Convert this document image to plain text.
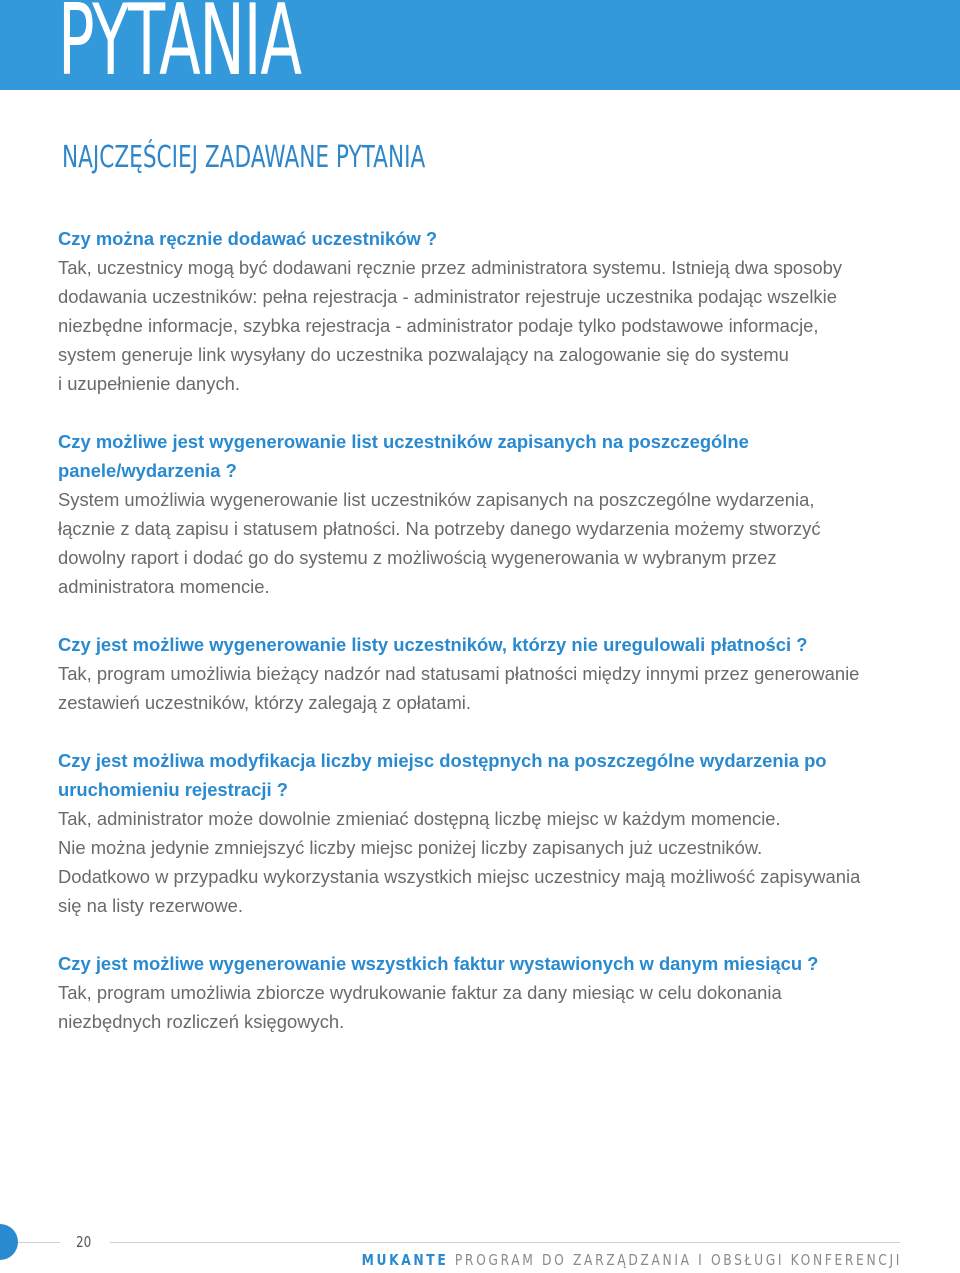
PYTANIA
NAJCZĘŚCIEJ ZADAWANE PYTANIA

Czy można ręcznie dodawać uczestników ?

Tak, uczestnicy mogą być dodawani ręcznie przez administratora systemu. Istnieją dwa sposoby
dodawania uczestników: pełna rejestracja - administrator rejestruje uczestnika podając wszelkie
niezbędne informacje, szybka rejestracja - administrator podaje tylko podstawowe informacje,
system generuje link wysyłany do uczestnika pozwalający na zalogowanie się do systemu
i uzupełnienie danych.

Czy możliwe jest wygenerowanie list uczestników zapisanych na poszczególne
panele/wydarzenia ?

System umożliwia wygenerowanie list uczestników zapisanych na poszczególne wydarzenia,
łącznie z datą zapisu i statusem płatności. Na potrzeby danego wydarzenia możemy stworzyć
dowolny raport i dodać go do systemu z możliwością wygenerowania w wybranym przez
administratora momencie.

Czy jest możliwe wygenerowanie listy uczestników, którzy nie uregulowali płatności ?

Tak, program umożliwia bieżący nadzór nad statusami płatności między innymi przez generowanie
zestawień uczestników, którzy zalegają z opłatami.

Czy jest możliwa modyfikacja liczby miejsc dostępnych na poszczególne wydarzenia po
uruchomieniu rejestracji ?

Tak, administrator może dowolnie zmieniać dostępną liczbę miejsc w każdym momencie.
Nie można jedynie zmniejszyć liczby miejsc poniżej liczby zapisanych już uczestników.
Dodatkowo w przypadku wykorzystania wszystkich miejsc uczestnicy mają możliwość zapisywania
się na listy rezerwowe.

Czy jest możliwe wygenerowanie wszystkich faktur wystawionych w danym miesiącu ?

Tak, program umożliwia zbiorcze wydrukowanie faktur za dany miesiąc w celu dokonania
niezbędnych rozliczeń księgowych.

20
MUKANTE PROGRAM DO ZARZĄDZANIA I OBSŁUGI KONFERENCJI
